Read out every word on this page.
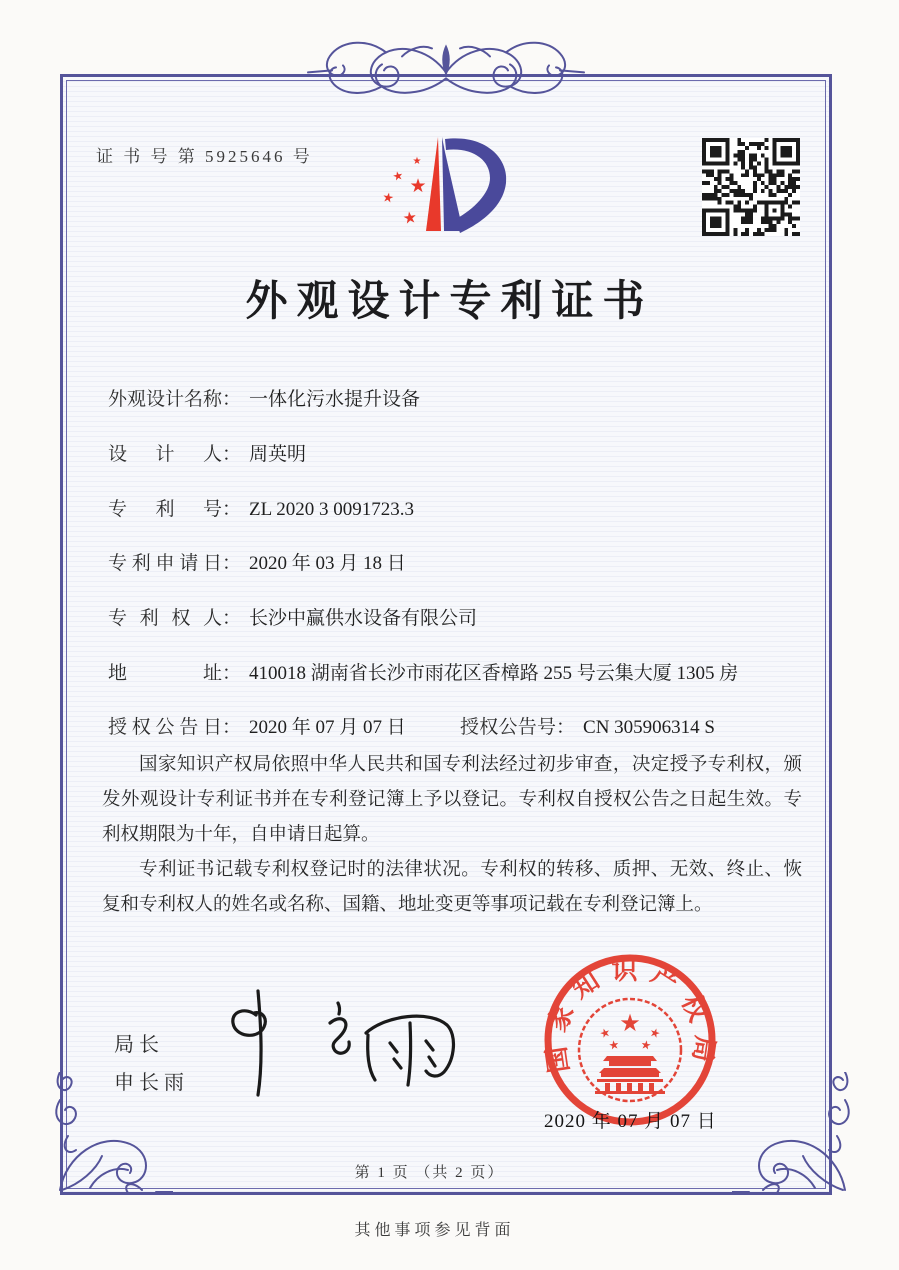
证 书 号 第 5925646 号	★
★ ★
★
★
外观设计专利证书
外观设计名称： 一体化污水提升设备
设计人： 周英明
专利号： ZL 2020 3 0091723.3
专利申请日： 2020 年 03 月 18 日
专利权人： 长沙中赢供水设备有限公司
地址： 410018 湖南省长沙市雨花区香樟路 255 号云集大厦 1305 房
授权公告日： 2020 年 07 月 07 日	授权公告号： CN 305906314 S

国家知识产权局依照中华人民共和国专利法经过初步审查，决定授予专利权，颁发外观设计专利证书并在专利登记簿上予以登记。专利权自授权公告之日起生效。专利权期限为十年，自申请日起算。

专利证书记载专利权登记时的法律状况。专利权的转移、质押、无效、终止、恢复和专利权人的姓名或名称、国籍、地址变更等事项记载在专利登记簿上。

局长
申长雨
国家知识产权局
★
★	★
★ ★
2020 年 07 月 07 日
第 1 页 （共 2 页）
其他事项参见背面
